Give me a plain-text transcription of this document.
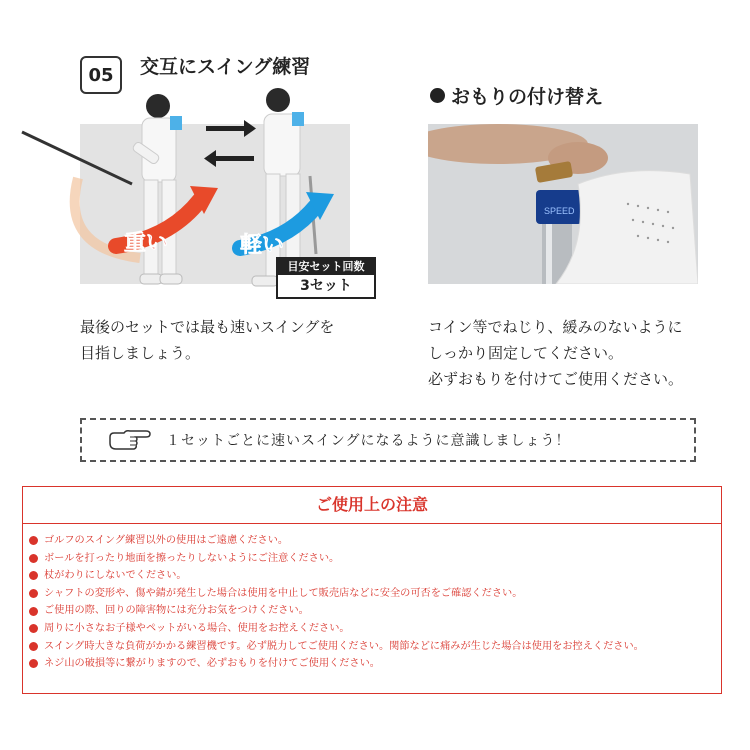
05	交互にスイング練習
おもりの付け替え
重い	軽い
目安セット回数
3セット
SPEED
最後のセットでは最も速いスイングを
目指しましょう。
コイン等でねじり、緩みのないように
しっかり固定してください。
必ずおもりを付けてご使用ください。
１セットごとに速いスイングになるように意識しましょう！
ご使用上の注意
ゴルフのスイング練習以外の使用はご遠慮ください。
ボールを打ったり地面を擦ったりしないようにご注意ください。
杖がわりにしないでください。
シャフトの変形や、傷や錆が発生した場合は使用を中止して販売店などに安全の可否をご確認ください。
ご使用の際、回りの障害物には充分お気をつけください。
周りに小さなお子様やペットがいる場合、使用をお控えください。
スイング時大きな負荷がかかる練習機です。必ず脱力してご使用ください。関節などに痛みが生じた場合は使用をお控えください。
ネジ山の破損等に繋がりますので、必ずおもりを付けてご使用ください。
